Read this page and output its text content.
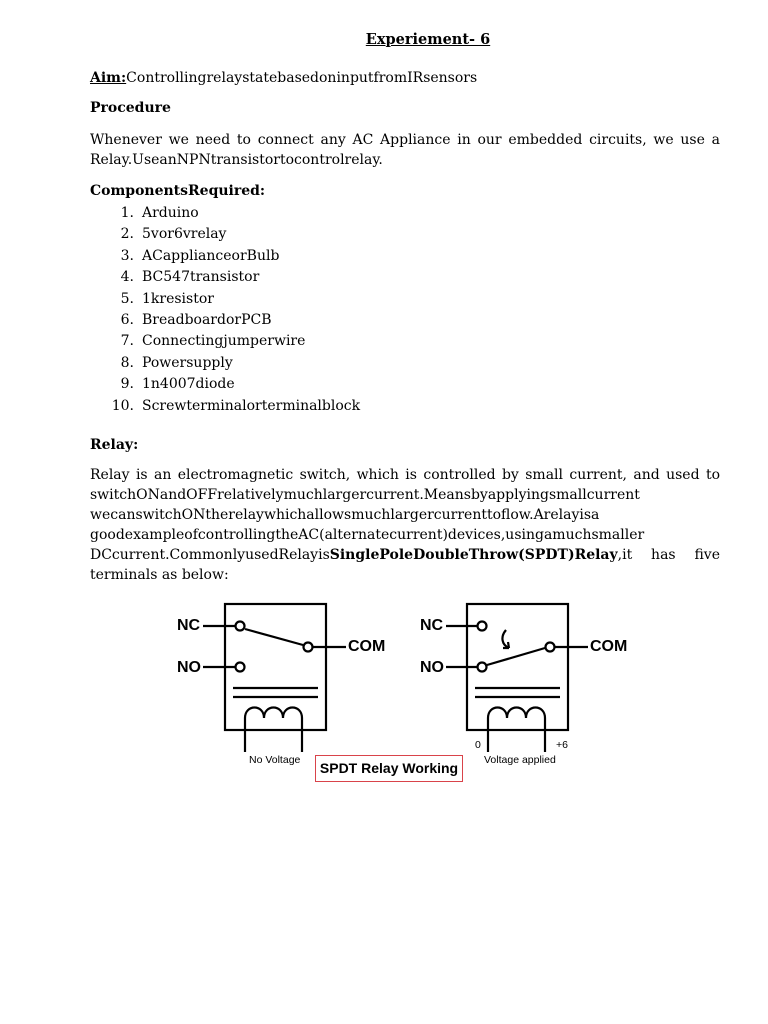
Experiement- 6
Aim:ControllingrelaystatebasedoninputfromIRsensors
Procedure
Whenever we need to connect any AC Appliance in our embedded circuits, we use a
Relay.UseanNPNtransistortocontrolrelay.
ComponentsRequired:
1. Arduino
2. 5vor6vrelay
3. ACapplianceorBulb
4. BC547transistor
5. 1kresistor
6. BreadboardorPCB
7. Connectingjumperwire
8. Powersupply
9. 1n4007diode
10. Screwterminalorterminalblock
Relay:
Relay is an electromagnetic switch, which is controlled by small current, and used to
switchONandOFFrelativelymuchlargercurrent.Meansbyapplyingsmallcurrent
wecanswitchONtherelaywhichallowsmuchlargercurrenttoflow.Arelayisa
goodexampleofcontrollingtheAC(alternatecurrent)devices,usingamuchsmaller
DCcurrent.CommonlyusedRelayisSinglePoleDoubleThrow(SPDT)Relay,it has five
terminals as below:
NC
NO
COM
No Voltage
NC
NO
COM
0	+6
Voltage applied
SPDT Relay Working
